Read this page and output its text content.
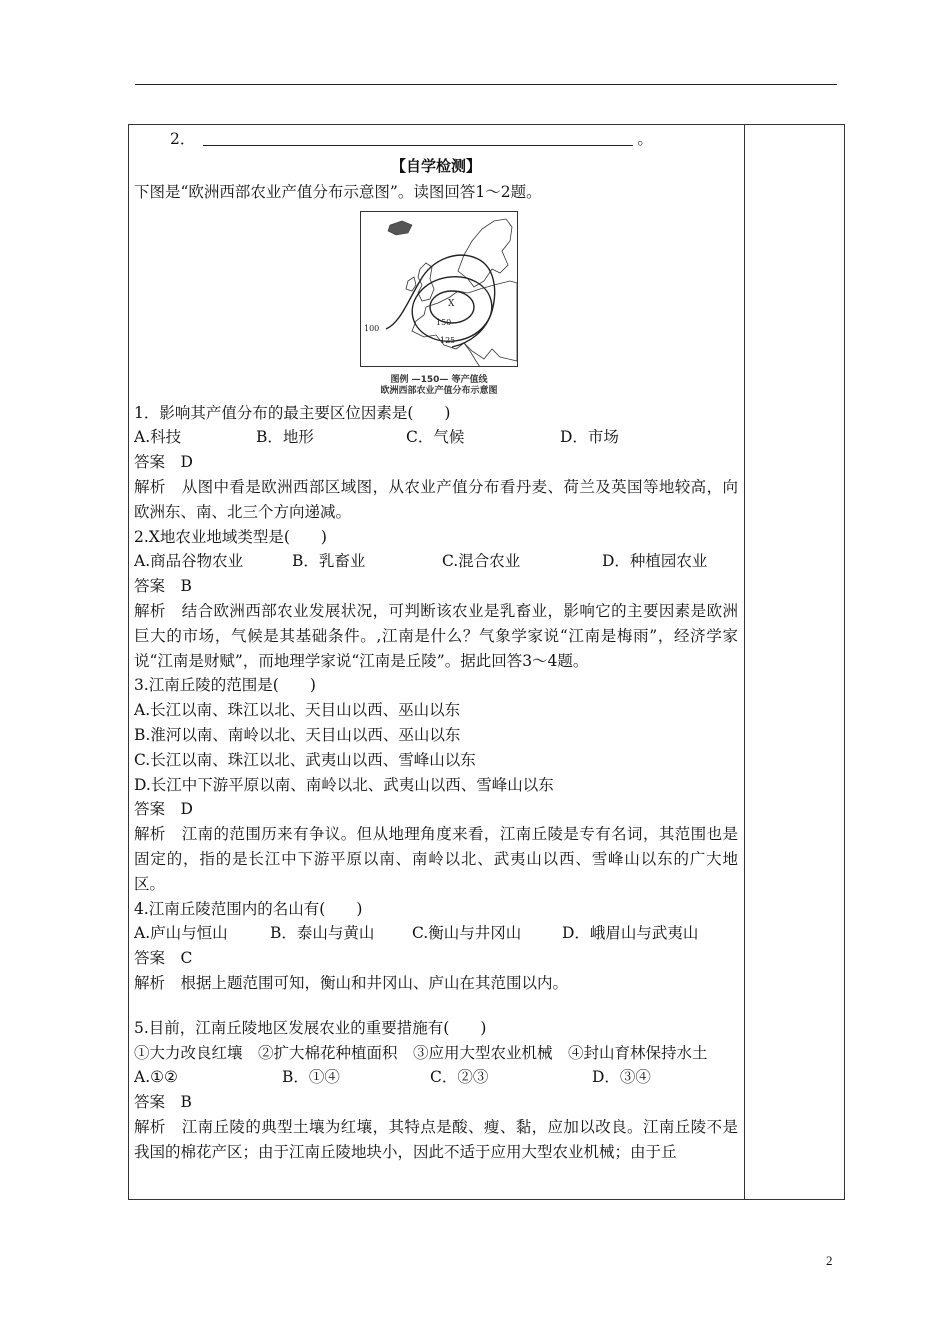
2．	。
【自学检测】
下图是“欧洲西部农业产值分布示意图”。读图回答1～2题。
X
150
125
100
图例 —150— 等产值线
欧洲西部农业产值分布示意图
1．影响其产值分布的最主要区位因素是(　　)
A.科技	B．地形	C．气候	D．市场
答案　D
解析　从图中看是欧洲西部区域图，从农业产值分布看丹麦、荷兰及英国等地较高，向欧洲东、南、北三个方向递减。
2.X地农业地域类型是(　　)
A.商品谷物农业	B．乳畜业	C.混合农业	D．种植园农业
答案　B
解析　结合欧洲西部农业发展状况，可判断该农业是乳畜业，影响它的主要因素是欧洲巨大的市场，气候是其基础条件。,江南是什么？气象学家说“江南是梅雨”，经济学家说“江南是财赋”，而地理学家说“江南是丘陵”。据此回答3～4题。
3.江南丘陵的范围是(　　)
A.长江以南、珠江以北、天目山以西、巫山以东
B.淮河以南、南岭以北、天目山以西、巫山以东
C.长江以南、珠江以北、武夷山以西、雪峰山以东
D.长江中下游平原以南、南岭以北、武夷山以西、雪峰山以东
答案　D
解析　江南的范围历来有争议。但从地理角度来看，江南丘陵是专有名词，其范围也是固定的，指的是长江中下游平原以南、南岭以北、武夷山以西、雪峰山以东的广大地区。
4.江南丘陵范围内的名山有(　　)
A.庐山与恒山	B．泰山与黄山	C.衡山与井冈山	D．峨眉山与武夷山
答案　C
解析　根据上题范围可知，衡山和井冈山、庐山在其范围以内。
5.目前，江南丘陵地区发展农业的重要措施有(　　)
①大力改良红壤　②扩大棉花种植面积　③应用大型农业机械　④封山育林保持水土
A.①②	B．①④	C．②③	D．③④
答案　B
解析　江南丘陵的典型土壤为红壤，其特点是酸、瘦、黏，应加以改良。江南丘陵不是我国的棉花产区；由于江南丘陵地块小，因此不适于应用大型农业机械；由于丘
2
